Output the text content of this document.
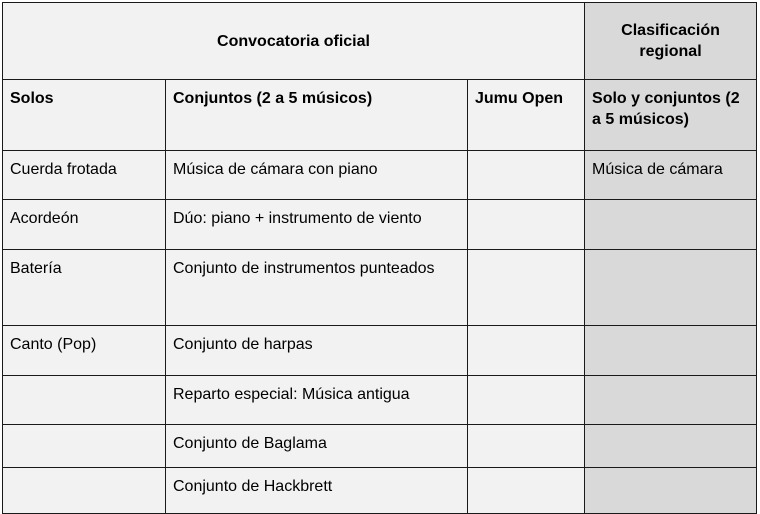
Convocatoria oficial			Clasificación regional
Solos	Conjuntos (2 a 5 músicos)	Jumu Open	Solo y conjuntos (2 a 5 músicos)
Cuerda frotada	Música de cámara con piano		Música de cámara
Acordeón	Dúo: piano + instrumento de viento		
Batería	Conjunto de instrumentos punteados		
Canto (Pop)	Conjunto de harpas		
	Reparto especial: Música antigua		
	Conjunto de Baglama		
	Conjunto de Hackbrett		
